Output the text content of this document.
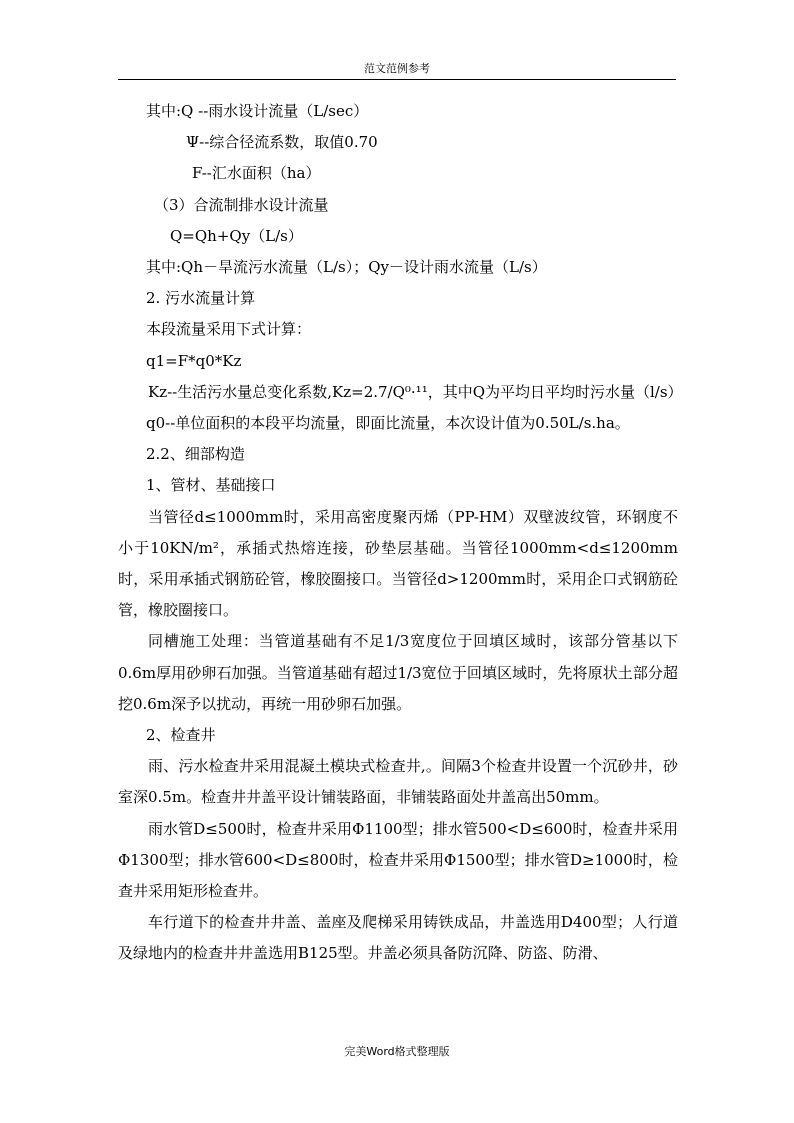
范文范例参考

其中:Q --雨水设计流量（L/sec）

Ψ--综合径流系数，取值0.70

F--汇水面积（ha）

（3）合流制排水设计流量

Q=Qh+Qy（L/s）

其中:Qh－旱流污水流量（L/s）；Qy－设计雨水流量（L/s）

2. 污水流量计算

本段流量采用下式计算：

q1=F*q0*Kz

Kz--生活污水量总变化系数,Kz=2.7/Q⁰·¹¹，其中Q为平均日平均时污水量（l/s）

q0--单位面积的本段平均流量，即面比流量，本次设计值为0.50L/s.ha。

2.2、细部构造

1、管材、基础接口

当管径d≤1000mm时，采用高密度聚丙烯（PP-HM）双壁波纹管，环钢度不小于10KN/m²，承插式热熔连接，砂垫层基础。当管径1000mm<d≤1200mm时，采用承插式钢筋砼管，橡胶圈接口。当管径d>1200mm时，采用企口式钢筋砼管，橡胶圈接口。

同槽施工处理：当管道基础有不足1/3宽度位于回填区域时，该部分管基以下0.6m厚用砂卵石加强。当管道基础有超过1/3宽位于回填区域时，先将原状土部分超挖0.6m深予以扰动，再统一用砂卵石加强。

2、检查井

雨、污水检查井采用混凝土模块式检查井,。间隔3个检查井设置一个沉砂井，砂室深0.5m。检查井井盖平设计铺装路面，非铺装路面处井盖高出50mm。

雨水管D≤500时，检查井采用Φ1100型；排水管500<D≤600时，检查井采用Φ1300型；排水管600<D≤800时，检查井采用Φ1500型；排水管D≥1000时，检查井采用矩形检查井。

车行道下的检查井井盖、盖座及爬梯采用铸铁成品，井盖选用D400型；人行道及绿地内的检查井井盖选用B125型。井盖必须具备防沉降、防盗、防滑、

完美Word格式整理版
